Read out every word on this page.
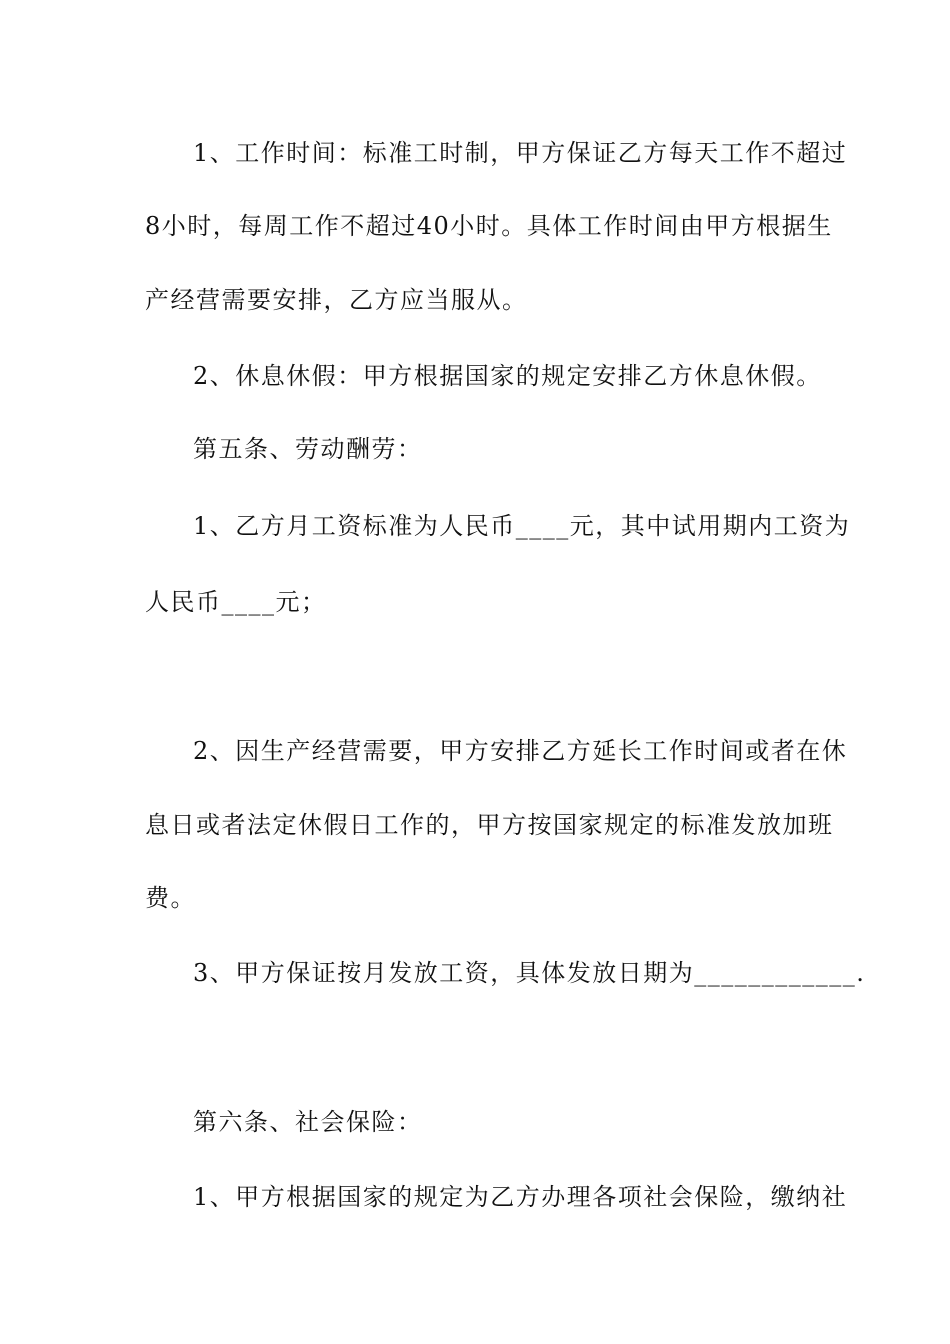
1、工作时间：标准工时制，甲方保证乙方每天工作不超过
8小时，每周工作不超过40小时。具体工作时间由甲方根据生
产经营需要安排，乙方应当服从。
2、休息休假：甲方根据国家的规定安排乙方休息休假。
第五条、劳动酬劳：
1、乙方月工资标准为人民币____元，其中试用期内工资为
人民币____元；
2、因生产经营需要，甲方安排乙方延长工作时间或者在休
息日或者法定休假日工作的，甲方按国家规定的标准发放加班
费。
3、甲方保证按月发放工资，具体发放日期为____________.
第六条、社会保险：
1、甲方根据国家的规定为乙方办理各项社会保险，缴纳社
